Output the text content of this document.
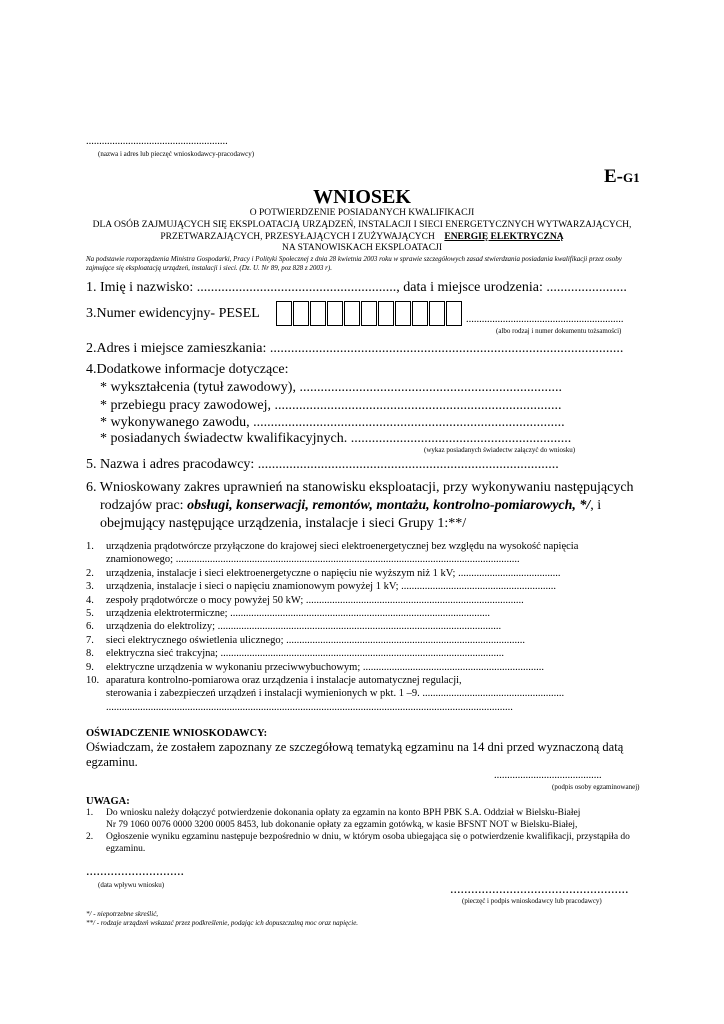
......................................................
(nazwa i adres lub pieczęć wnioskodawcy-pracodawcy)
E-G1
WNIOSEK
O POTWIERDZENIE POSIADANYCH KWALIFIKACJI
DLA OSÓB ZAJMUJĄCYCH SIĘ EKSPLOATACJĄ URZĄDZEŃ, INSTALACJI I SIECI ENERGETYCZNYCH WYTWARZAJĄCYCH,
PRZETWARZAJĄCYCH, PRZESYŁAJĄCYCH I ZUŻYWAJĄCYCH ENERGIĘ ELEKTRYCZNĄ
NA STANOWISKACH EKSPLOATACJI
Na podstawie rozporządzenia Ministra Gospodarki, Pracy i Polityki Społecznej z dnia 28 kwietnia 2003 roku w sprawie szczegółowych zasad stwierdzania posiadania kwalifikacji przez osoby
zajmujące się eksploatacją urządzeń, instalacji i sieci. (Dz. U. Nr 89, poz 828 z 2003 r).
1. Imię i nazwisko: ........................................................., data i miejsce urodzenia: .......................
3.Numer ewidencyjny- PESEL	............................................................
(albo rodzaj i numer dokumentu tożsamości)
2.Adres i miejsce zamieszkania: .....................................................................................................
4.Dodatkowe informacje dotyczące:
* wykształcenia (tytuł zawodowy), ...........................................................................
* przebiegu pracy zawodowej, ..................................................................................
* wykonywanego zawodu, .........................................................................................
* posiadanych świadectw kwalifikacyjnych. ...............................................................
(wykaz posiadanych świadectw załączyć do wniosku)
5. Nazwa i adres pracodawcy: ......................................................................................
6. Wnioskowany zakres uprawnień na stanowisku eksploatacji, przy wykonywaniu następujących
rodzajów prac: obsługi, konserwacji, remontów, montażu, kontrolno-pomiarowych, */, i
obejmujący następujące urządzenia, instalacje i sieci Grupy 1:**/
1. urządzenia prądotwórcze przyłączone do krajowej sieci elektroenergetycznej bez względu na wysokość napięcia
znamionowego; ...................................................................................................................................
2. urządzenia, instalacje i sieci elektroenergetyczne o napięciu nie wyższym niż 1 kV; .......................................
3. urządzenia, instalacje i sieci o napięciu znamionowym powyżej 1 kV; ...........................................................
4. zespoły prądotwórcze o mocy powyżej 50 kW; ...................................................................................
5. urządzenia elektrotermiczne; ...................................................................................................
6. urządzenia do elektrolizy; ............................................................................................................
7. sieci elektrycznego oświetlenia ulicznego; ...........................................................................................
8. elektryczna sieć trakcyjna; ............................................................................................................
9. elektryczne urządzenia w wykonaniu przeciwwybuchowym; .....................................................................
10. aparatura kontrolno-pomiarowa oraz urządzenia i instalacje automatycznej regulacji,
sterowania i zabezpieczeń urządzeń i instalacji wymienionych w pkt. 1 –9. ......................................................
...........................................................................................................................................................
OŚWIADCZENIE WNIOSKODAWCY:
Oświadczam, że zostałem zapoznany ze szczegółową tematyką egzaminu na 14 dni przed wyznaczoną datą
egzaminu.
.........................................
(podpis osoby egzaminowanej)
UWAGA:
1. Do wniosku należy dołączyć potwierdzenie dokonania opłaty za egzamin na konto BPH PBK S.A. Oddział w Bielsku-Białej
Nr 79 1060 0076 0000 3200 0005 8453, lub dokonanie opłaty za egzamin gotówką, w kasie BFSNT NOT w Bielsku-Białej,
2. Ogłoszenie wyniku egzaminu następuje bezpośrednio w dniu, w którym osoba ubiegająca się o potwierdzenie kwalifikacji, przystąpiła do
egzaminu.
............................
(data wpływu wniosku)	...................................................
(pieczęć i podpis wnioskodawcy lub pracodawcy)
*/ - niepotrzebne skreślić,
**/ - rodzaje urządzeń wskazać przez podkreślenie, podając ich dopuszczalną moc oraz napięcie.
